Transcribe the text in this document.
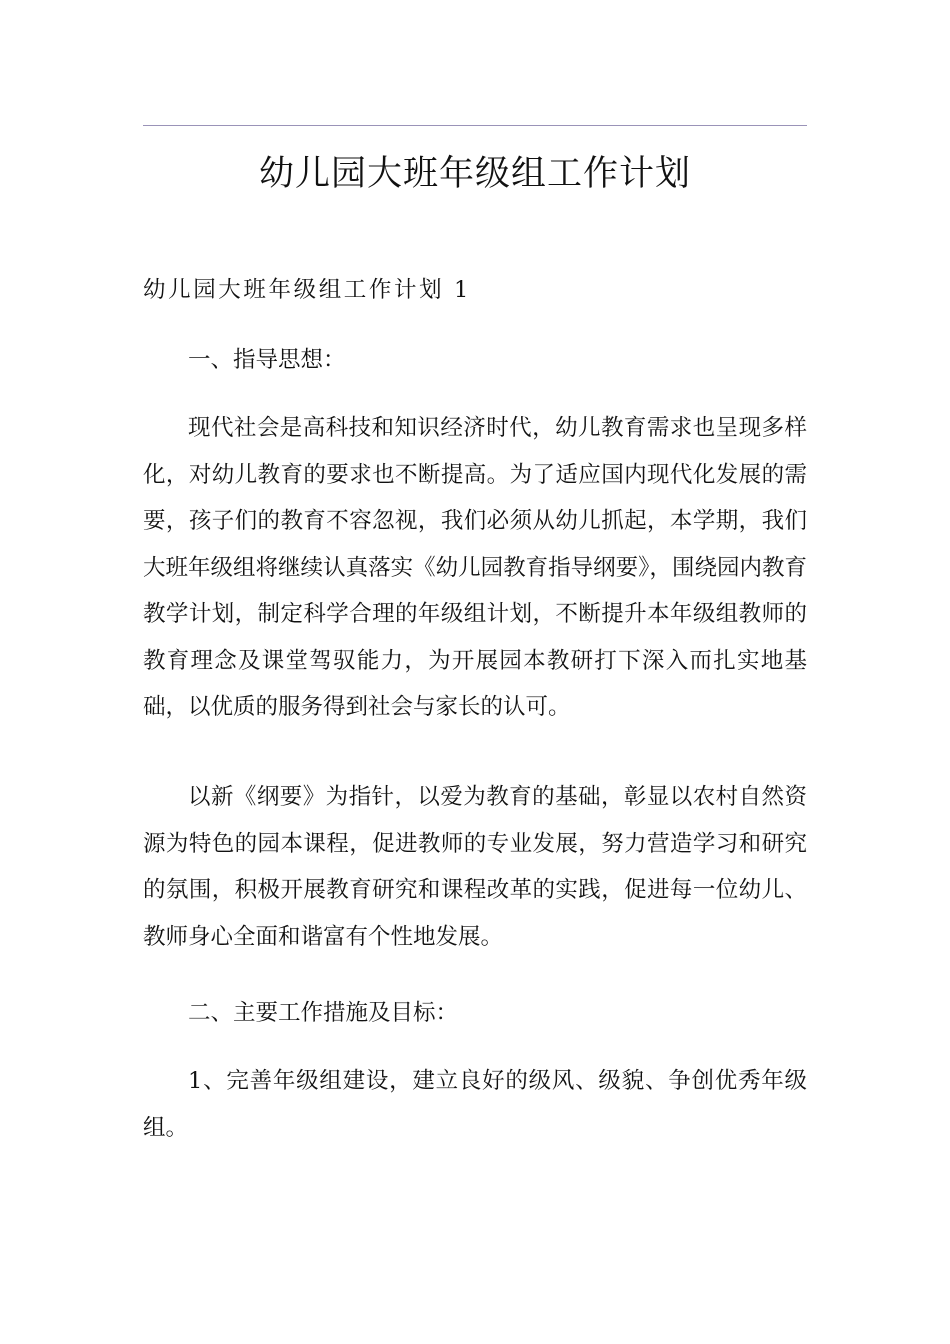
幼儿园大班年级组工作计划
幼儿园大班年级组工作计划 1

一、指导思想：

现代社会是高科技和知识经济时代，幼儿教育需求也呈现多样化，对幼儿教育的要求也不断提高。为了适应国内现代化发展的需要，孩子们的教育不容忽视，我们必须从幼儿抓起，本学期，我们大班年级组将继续认真落实《幼儿园教育指导纲要》，围绕园内教育教学计划，制定科学合理的年级组计划，不断提升本年级组教师的教育理念及课堂驾驭能力，为开展园本教研打下深入而扎实地基础，以优质的服务得到社会与家长的认可。

以新《纲要》为指针，以爱为教育的基础，彰显以农村自然资源为特色的园本课程，促进教师的专业发展，努力营造学习和研究的氛围，积极开展教育研究和课程改革的实践，促进每一位幼儿、教师身心全面和谐富有个性地发展。

二、主要工作措施及目标：

1、完善年级组建设，建立良好的级风、级貌、争创优秀年级组。
